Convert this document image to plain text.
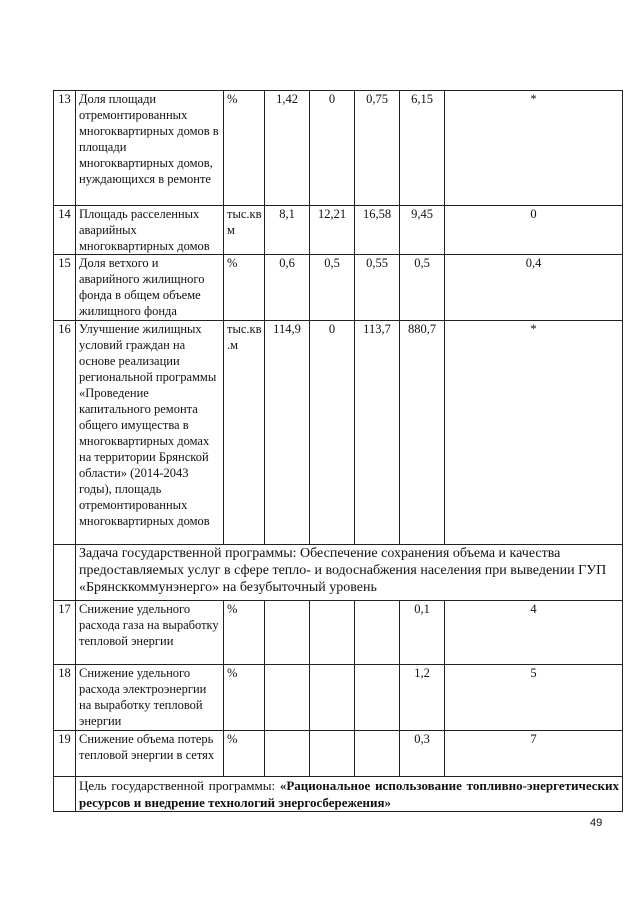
13	Доля площади отремонтированных многоквартирных домов в площади многоквартирных домов, нуждающихся в ремонте	%	1,42	0	0,75	6,15	*
14	Площадь расселенных аварийных многоквартирных домов	тыс.кв м	8,1	12,21	16,58	9,45	0
15	Доля ветхого и аварийного жилищного фонда в общем объеме жилищного фонда	%	0,6	0,5	0,55	0,5	0,4
16	Улучшение жилищных условий граждан на основе реализации региональной программы «Проведение капитального ремонта общего имущества в многоквартирных домах на территории Брянской области» (2014-2043 годы), площадь отремонтированных многоквартирных домов	тыс.кв .м	114,9	0	113,7	880,7	*
	Задача государственной программы: Обеспечение сохранения объема и качества предоставляемых услуг в сфере тепло- и водоснабжения населения при выведении ГУП «Брянсккоммунэнерго» на безубыточный уровень						
17	Снижение удельного расхода газа на выработку тепловой энергии	%				0,1	4
18	Снижение удельного расхода электроэнергии на выработку тепловой энергии	%				1,2	5
19	Снижение объема потерь тепловой энергии в сетях	%				0,3	7
	Цель государственной программы: «Рациональное использование топливно-энергетических ресурсов и внедрение технологий энергосбережения»						
49
